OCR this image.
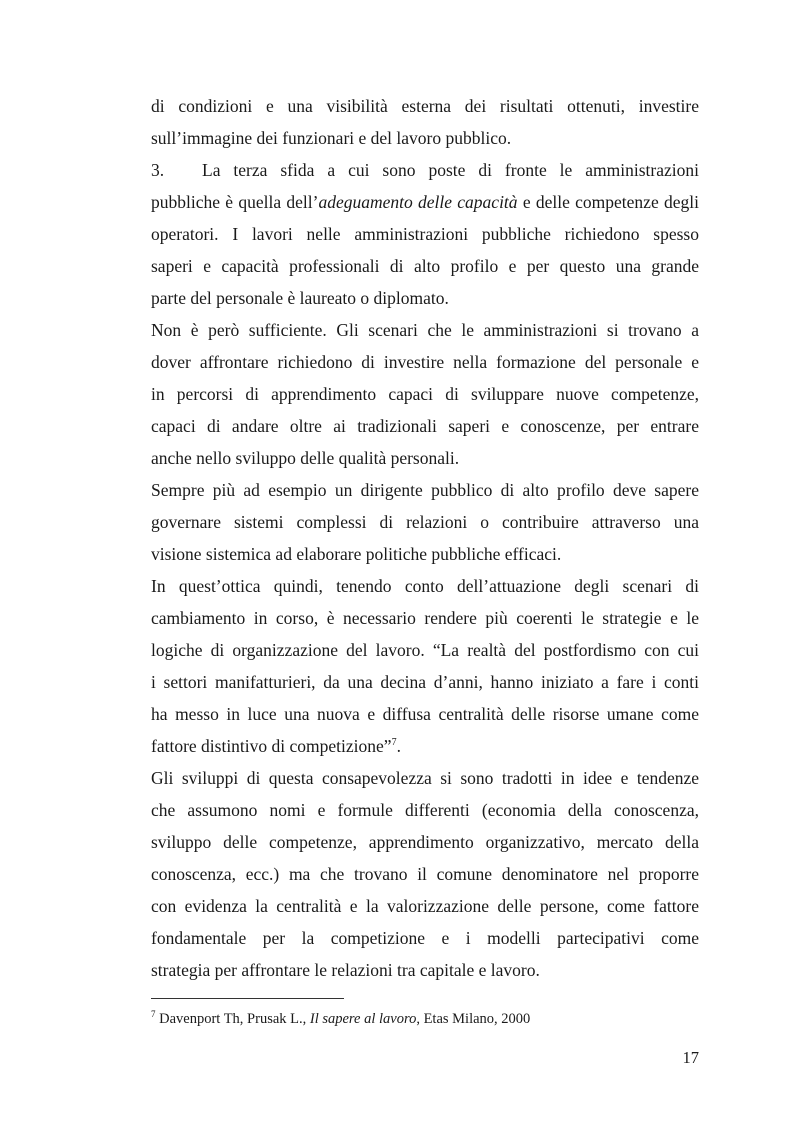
di condizioni e una visibilità esterna dei risultati ottenuti, investire
sull’immagine dei funzionari e del lavoro pubblico.
3. La terza sfida a cui sono poste di fronte le amministrazioni
pubbliche è quella dell’adeguamento delle capacità e delle competenze degli
operatori. I lavori nelle amministrazioni pubbliche richiedono spesso
saperi e capacità professionali di alto profilo e per questo una grande
parte del personale è laureato o diplomato.
Non è però sufficiente. Gli scenari che le amministrazioni si trovano a
dover affrontare richiedono di investire nella formazione del personale e
in percorsi di apprendimento capaci di sviluppare nuove competenze,
capaci di andare oltre ai tradizionali saperi e conoscenze, per entrare
anche nello sviluppo delle qualità personali.
Sempre più ad esempio un dirigente pubblico di alto profilo deve sapere
governare sistemi complessi di relazioni o contribuire attraverso una
visione sistemica ad elaborare politiche pubbliche efficaci.
In quest’ottica quindi, tenendo conto dell’attuazione degli scenari di
cambiamento in corso, è necessario rendere più coerenti le strategie e le
logiche di organizzazione del lavoro. “La realtà del postfordismo con cui
i settori manifatturieri, da una decina d’anni, hanno iniziato a fare i conti
ha messo in luce una nuova e diffusa centralità delle risorse umane come
fattore distintivo di competizione”$^7$.
Gli sviluppi di questa consapevolezza si sono tradotti in idee e tendenze
che assumono nomi e formule differenti (economia della conoscenza,
sviluppo delle competenze, apprendimento organizzativo, mercato della
conoscenza, ecc.) ma che trovano il comune denominatore nel proporre
con evidenza la centralità e la valorizzazione delle persone, come fattore
fondamentale per la competizione e i modelli partecipativi come
strategia per affrontare le relazioni tra capitale e lavoro.
$^7$ Davenport Th, Prusak L., Il sapere al lavoro, Etas Milano, 2000
17
